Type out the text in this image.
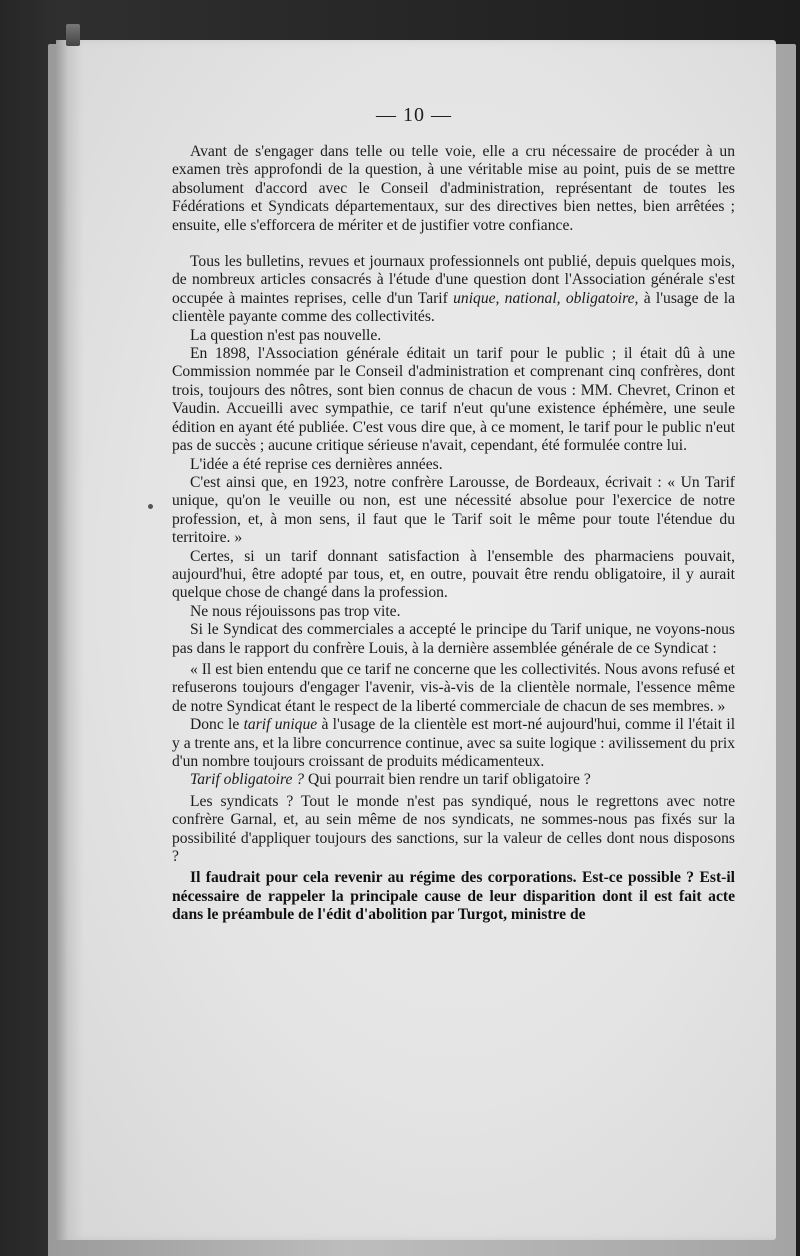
— 10 —

Avant de s'engager dans telle ou telle voie, elle a cru nécessaire de procéder à un examen très approfondi de la question, à une véritable mise au point, puis de se mettre absolument d'accord avec le Conseil d'administration, représentant de toutes les Fédérations et Syndicats départementaux, sur des directives bien nettes, bien arrêtées ; ensuite, elle s'efforcera de mériter et de justifier votre confiance.

Tous les bulletins, revues et journaux professionnels ont publié, depuis quelques mois, de nombreux articles consacrés à l'étude d'une question dont l'Association générale s'est occupée à maintes reprises, celle d'un Tarif unique, national, obligatoire, à l'usage de la clientèle payante comme des collectivités.

La question n'est pas nouvelle.

En 1898, l'Association générale éditait un tarif pour le public ; il était dû à une Commission nommée par le Conseil d'administration et comprenant cinq confrères, dont trois, toujours des nôtres, sont bien connus de chacun de vous : MM. Chevret, Crinon et Vaudin. Accueilli avec sympathie, ce tarif n'eut qu'une existence éphémère, une seule édition en ayant été publiée. C'est vous dire que, à ce moment, le tarif pour le public n'eut pas de succès ; aucune critique sérieuse n'avait, cependant, été formulée contre lui.

L'idée a été reprise ces dernières années.

C'est ainsi que, en 1923, notre confrère Larousse, de Bordeaux, écrivait : « Un Tarif unique, qu'on le veuille ou non, est une nécessité absolue pour l'exercice de notre profession, et, à mon sens, il faut que le Tarif soit le même pour toute l'étendue du territoire. »

Certes, si un tarif donnant satisfaction à l'ensemble des pharmaciens pouvait, aujourd'hui, être adopté par tous, et, en outre, pouvait être rendu obligatoire, il y aurait quelque chose de changé dans la profession.

Ne nous réjouissons pas trop vite.

Si le Syndicat des commerciales a accepté le principe du Tarif unique, ne voyons-nous pas dans le rapport du confrère Louis, à la dernière assemblée générale de ce Syndicat :

« Il est bien entendu que ce tarif ne concerne que les collectivités. Nous avons refusé et refuserons toujours d'engager l'avenir, vis-à-vis de la clientèle normale, l'essence même de notre Syndicat étant le respect de la liberté commerciale de chacun de ses membres. »

Donc le tarif unique à l'usage de la clientèle est mort-né aujourd'hui, comme il l'était il y a trente ans, et la libre concurrence continue, avec sa suite logique : avilissement du prix d'un nombre toujours croissant de produits médicamenteux.

Tarif obligatoire ? Qui pourrait bien rendre un tarif obligatoire ?

Les syndicats ? Tout le monde n'est pas syndiqué, nous le regrettons avec notre confrère Garnal, et, au sein même de nos syndicats, ne sommes-nous pas fixés sur la possibilité d'appliquer toujours des sanctions, sur la valeur de celles dont nous disposons ?

Il faudrait pour cela revenir au régime des corporations. Est-ce possible ? Est-il nécessaire de rappeler la principale cause de leur disparition dont il est fait acte dans le préambule de l'édit d'abolition par Turgot, ministre de
